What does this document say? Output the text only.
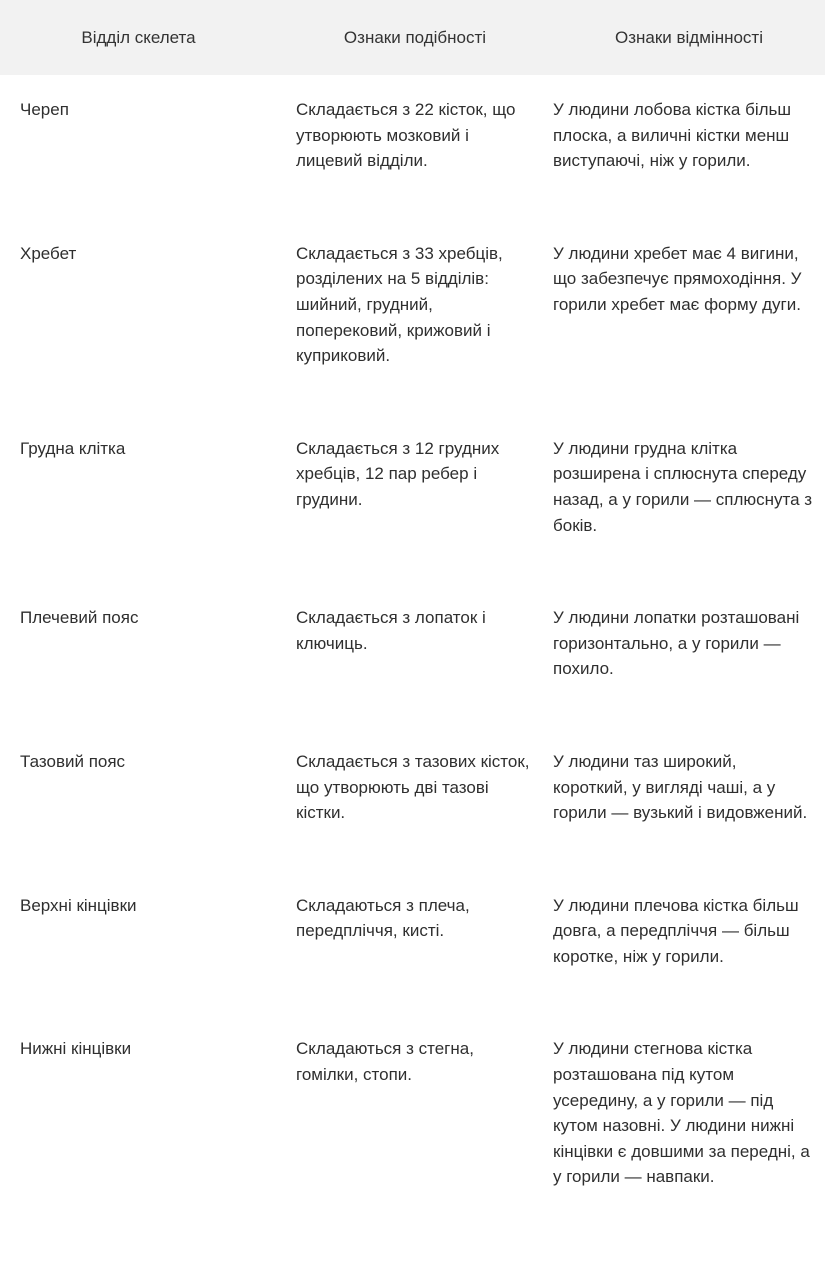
Відділ скелета	Ознаки подібності	Ознаки відмінності
Череп	Складається з 22 кісток, що утворюють мозковий і лицевий відділи.	У людини лобова кістка більш плоска, а виличні кістки менш виступаючі, ніж у горили.
Хребет	Складається з 33 хребців, розділених на 5 відділів: шийний, грудний, поперековий, крижовий і куприковий.	У людини хребет має 4 вигини, що забезпечує прямоходіння. У горили хребет має форму дуги.
Грудна клітка	Складається з 12 грудних хребців, 12 пар ребер і грудини.	У людини грудна клітка розширена і сплюснута спереду назад, а у горили — сплюснута з боків.
Плечевий пояс	Складається з лопаток і ключиць.	У людини лопатки розташовані горизонтально, а у горили — похило.
Тазовий пояс	Складається з тазових кісток, що утворюють дві тазові кістки.	У людини таз широкий, короткий, у вигляді чаші, а у горили — вузький і видовжений.
Верхні кінцівки	Складаються з плеча, передпліччя, кисті.	У людини плечова кістка більш довга, а передпліччя — більш коротке, ніж у горили.
Нижні кінцівки	Складаються з стегна, гомілки, стопи.	У людини стегнова кістка розташована під кутом усередину, а у горили — під кутом назовні. У людини нижні кінцівки є довшими за передні, а у горили — навпаки.
